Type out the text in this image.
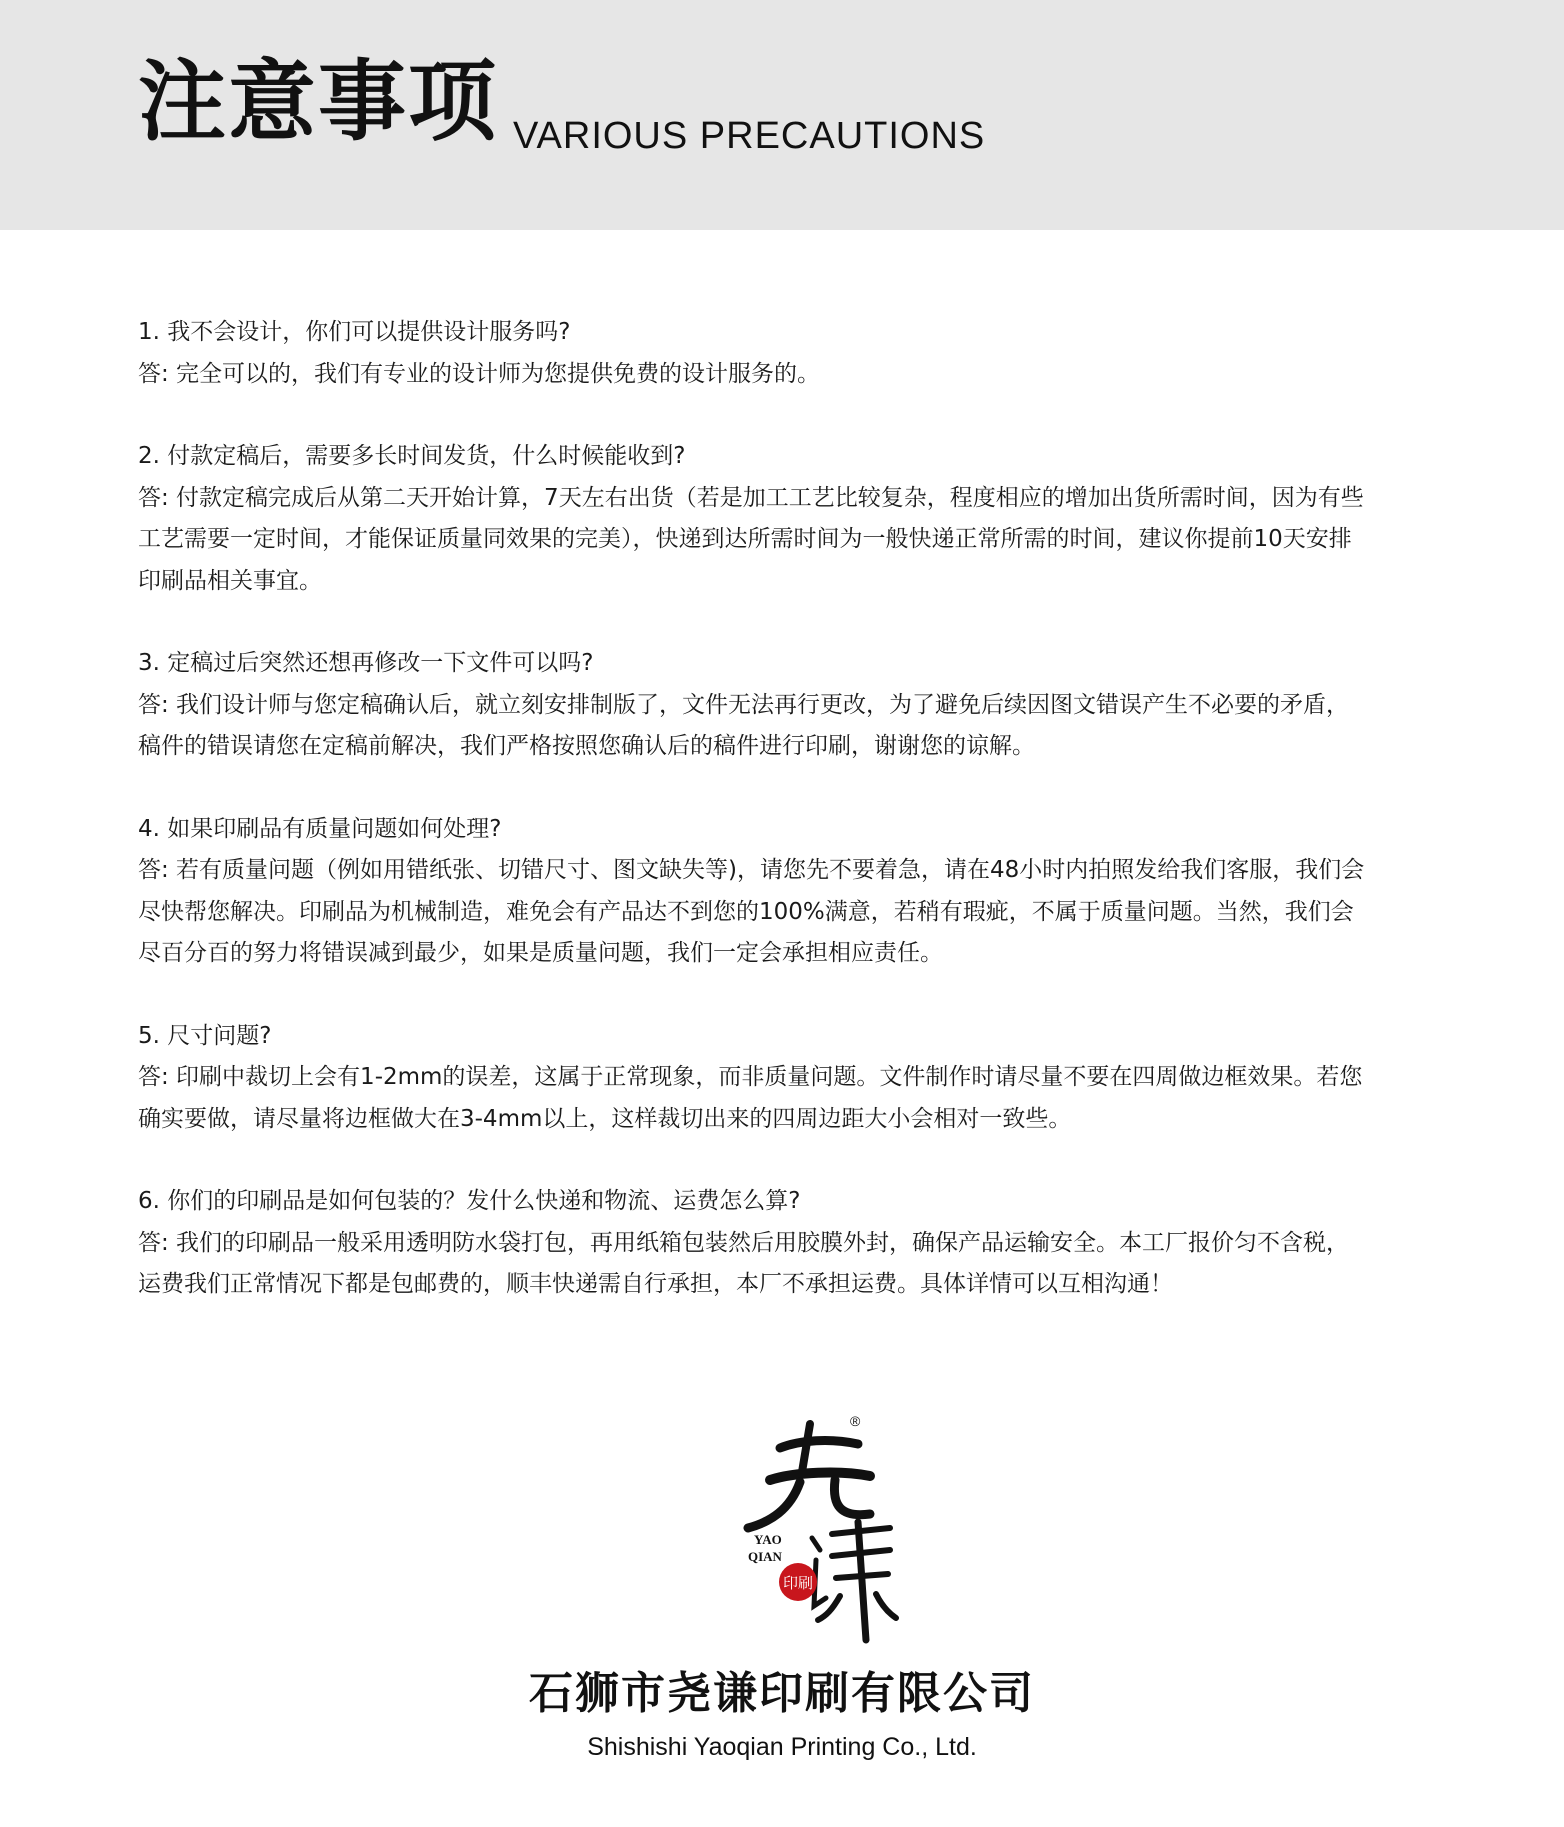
注意事项 VARIOUS PRECAUTIONS

1. 我不会设计，你们可以提供设计服务吗?

答: 完全可以的，我们有专业的设计师为您提供免费的设计服务的。

2. 付款定稿后，需要多长时间发货，什么时候能收到?

答: 付款定稿完成后从第二天开始计算，7天左右出货（若是加工工艺比较复杂，程度相应的增加出货所需时间，因为有些

工艺需要一定时间，才能保证质量同效果的完美），快递到达所需时间为一般快递正常所需的时间，建议你提前10天安排

印刷品相关事宜。

3. 定稿过后突然还想再修改一下文件可以吗?

答: 我们设计师与您定稿确认后，就立刻安排制版了，文件无法再行更改，为了避免后续因图文错误产生不必要的矛盾，

稿件的错误请您在定稿前解决，我们严格按照您确认后的稿件进行印刷，谢谢您的谅解。

4. 如果印刷品有质量问题如何处理?

答: 若有质量问题（例如用错纸张、切错尺寸、图文缺失等)，请您先不要着急，请在48小时内拍照发给我们客服，我们会

尽快帮您解决。印刷品为机械制造，难免会有产品达不到您的100%满意，若稍有瑕疵，不属于质量问题。当然，我们会

尽百分百的努力将错误减到最少，如果是质量问题，我们一定会承担相应责任。

5. 尺寸问题?

答: 印刷中裁切上会有1-2mm的误差，这属于正常现象，而非质量问题。文件制作时请尽量不要在四周做边框效果。若您

确实要做，请尽量将边框做大在3-4mm以上，这样裁切出来的四周边距大小会相对一致些。

6. 你们的印刷品是如何包装的？发什么快递和物流、运费怎么算?

答: 我们的印刷品一般采用透明防水袋打包，再用纸箱包装然后用胶膜外封，确保产品运输安全。本工厂报价匀不含税，

运费我们正常情况下都是包邮费的，顺丰快递需自行承担，本厂不承担运费。具体详情可以互相沟通！

®
YAO
QIAN
印刷
石狮市尧谦印刷有限公司
Shishishi Yaoqian Printing Co., Ltd.
